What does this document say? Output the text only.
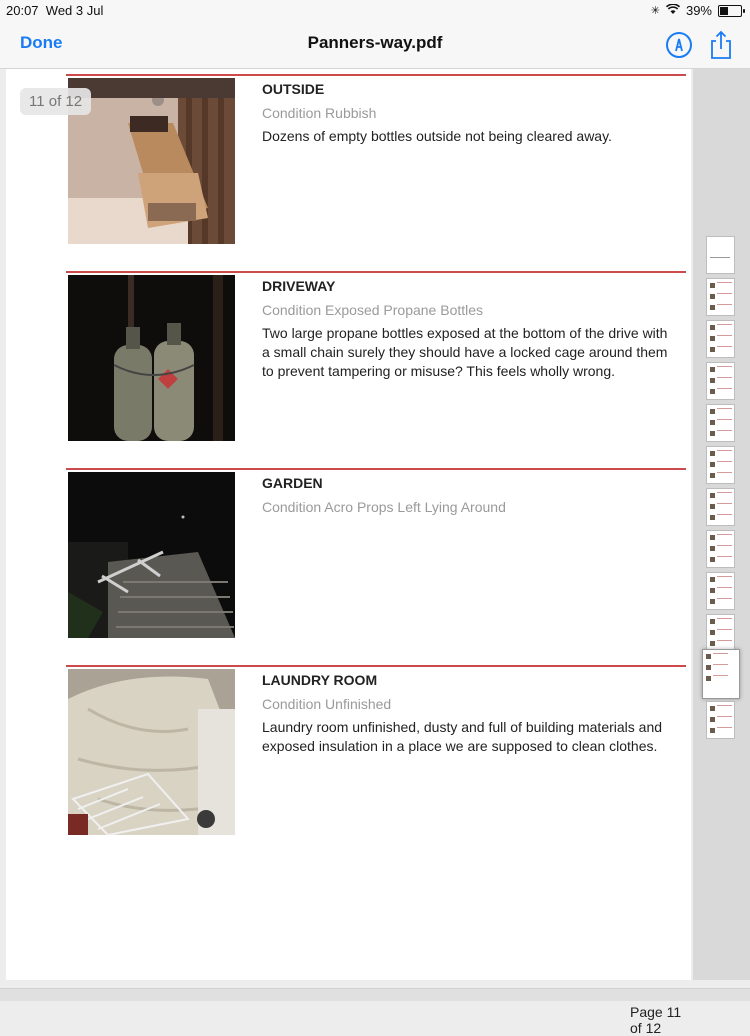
20:07 Wed 3 Jul	✳ 39%
Done	Panners-way.pdf
OUTSIDE
Condition Rubbish
Dozens of empty bottles outside not being cleared away.
DRIVEWAY
Condition Exposed Propane Bottles
Two large propane bottles exposed at the bottom of the drive with a small chain surely they should have a locked cage around them to prevent tampering or misuse? This feels wholly wrong.
GARDEN
Condition Acro Props Left Lying Around
LAUNDRY ROOM
Condition Unfinished
Laundry room unfinished, dusty and full of building materials and exposed insulation in a place we are supposed to clean clothes.
Page 11 of 12
11 of 12
